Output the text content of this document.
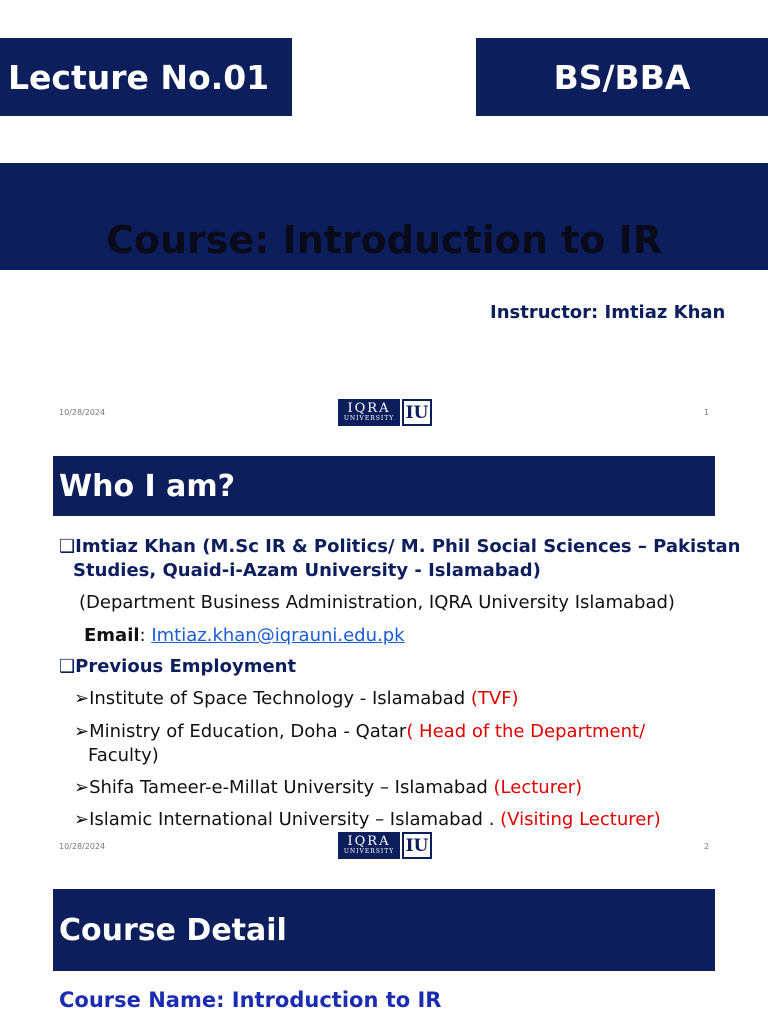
Lecture No.01	BS/BBA
Course: Introduction to IR
Instructor: Imtiaz Khan
10/28/2024	IQRA
UNIVERSITY IU	1
Who I am?
❑Imtiaz Khan (M.Sc IR & Politics/ M. Phil Social Sciences – Pakistan
Studies, Quaid-i-Azam University - Islamabad)
(Department Business Administration, IQRA University Islamabad)
Email: Imtiaz.khan@iqrauni.edu.pk
❑Previous Employment
➢Institute of Space Technology - Islamabad (TVF)
➢Ministry of Education, Doha - Qatar( Head of the Department/
Faculty)
➢Shifa Tameer-e-Millat University – Islamabad (Lecturer)
➢Islamic International University – Islamabad . (Visiting Lecturer)
10/28/2024	IQRA
UNIVERSITY IU	2
Course Detail
Course Name: Introduction to IR
